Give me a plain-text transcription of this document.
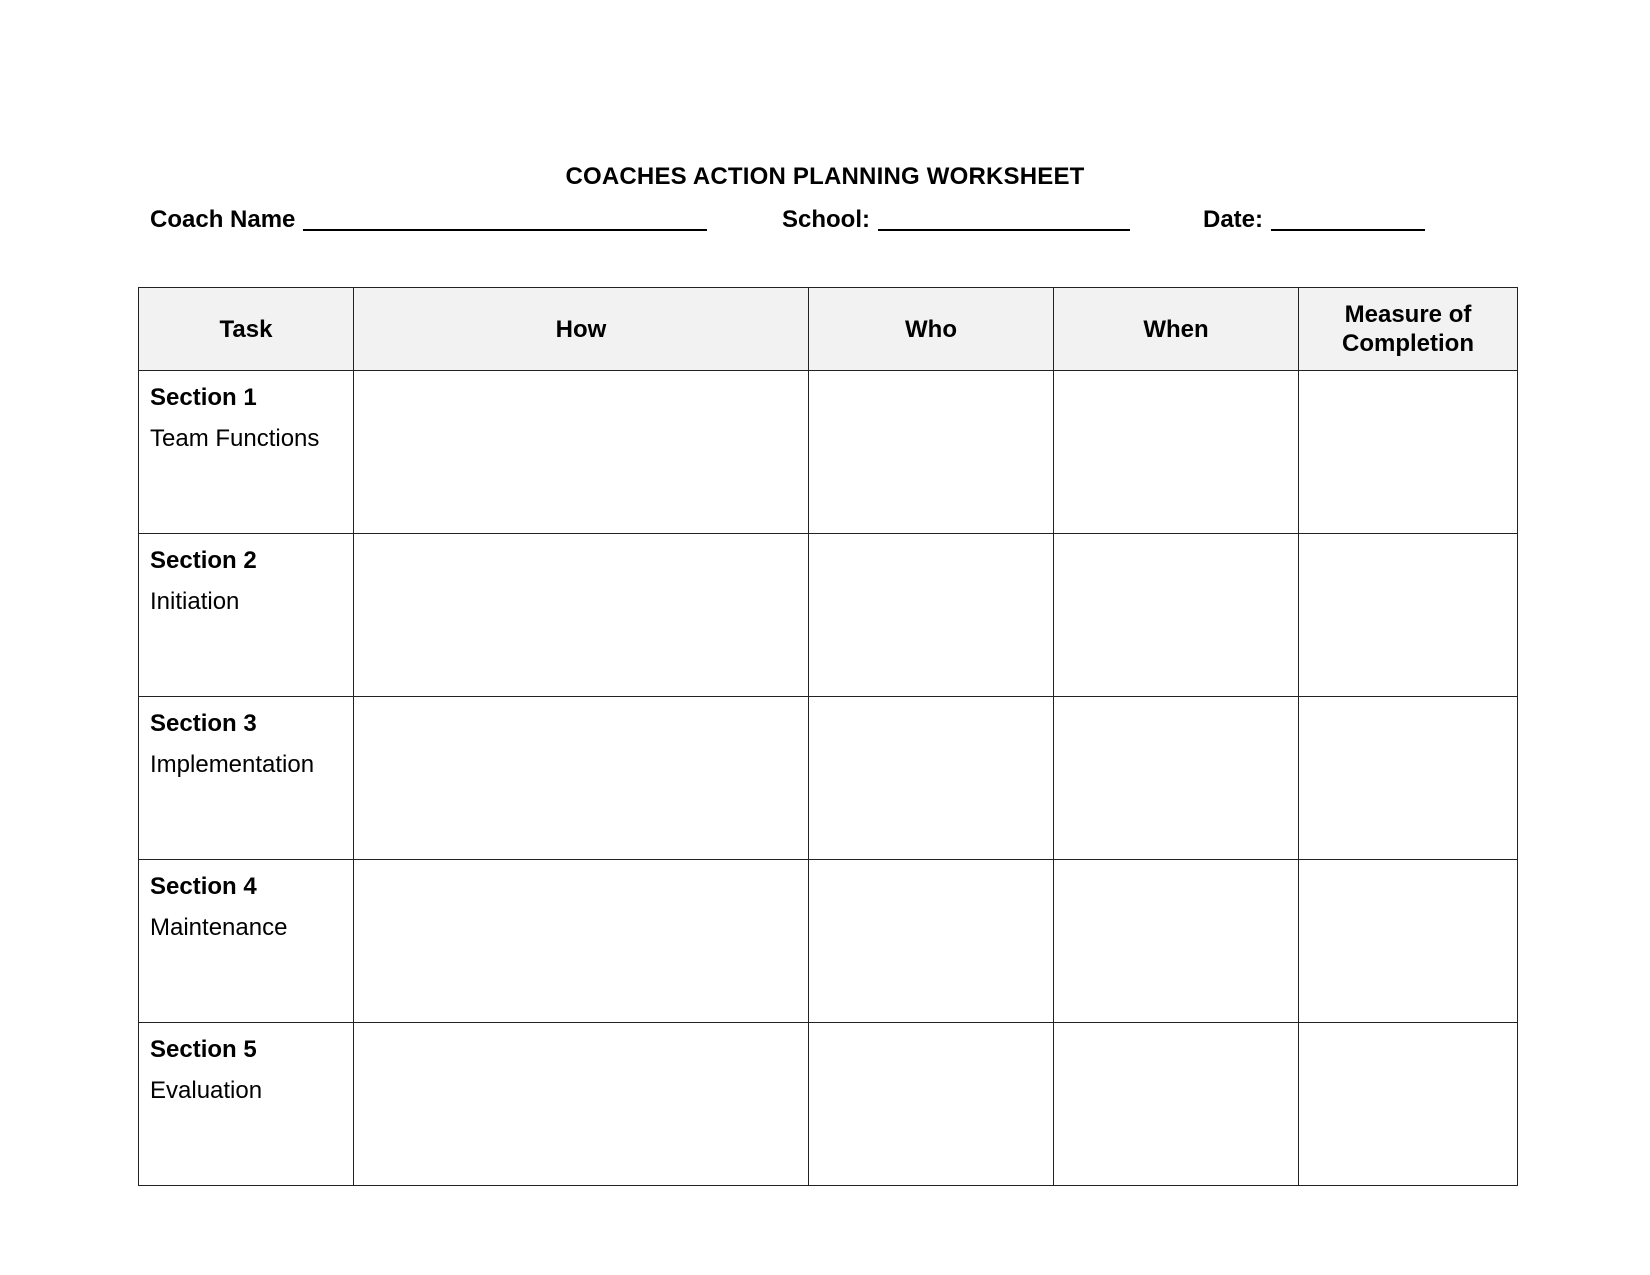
COACHES ACTION PLANNING WORKSHEET
Coach Name	School:	Date:
Task	How	Who	When	Measure of Completion

Section 1
Team Functions				

Section 2
Initiation				

Section 3
Implementation				

Section 4
Maintenance				

Section 5
Evaluation				
